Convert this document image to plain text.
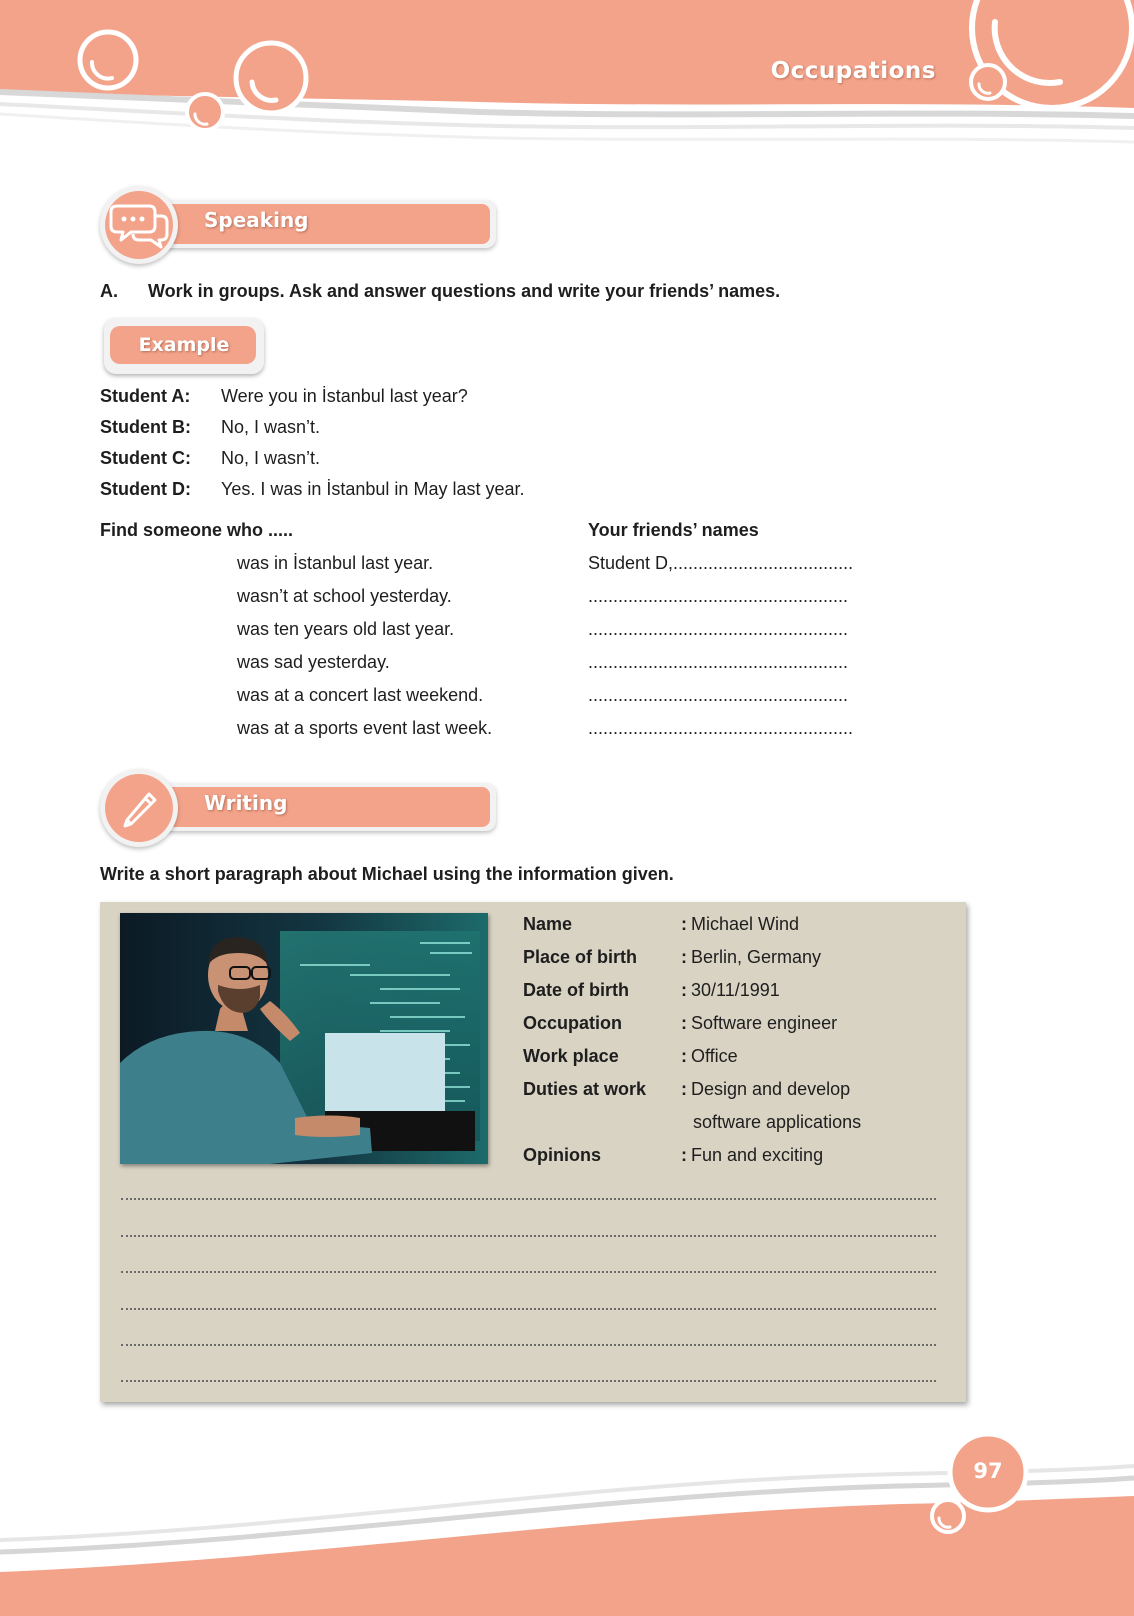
Occupations
Speaking
A. Work in groups. Ask and answer questions and write your friends’ names.
Example
Student A: Were you in İstanbul last year?
Student B: No, I wasn’t.
Student C: No, I wasn’t.
Student D: Yes. I was in İstanbul in May last year.
Find someone who .....	Your friends’ names
was in İstanbul last year.	Student D,....................................
wasn’t at school yesterday.	....................................................
was ten years old last year.	....................................................
was sad yesterday.	....................................................
was at a concert last weekend.	....................................................
was at a sports event last week.	.....................................................
Writing
Write a short paragraph about Michael using the information given.
Name	: Michael Wind
Place of birth : Berlin, Germany
Date of birth	: 30/11/1991
Occupation	: Software engineer
Work place	: Office
Duties at work : Design and develop
software applications
Opinions	: Fun and exciting
97
